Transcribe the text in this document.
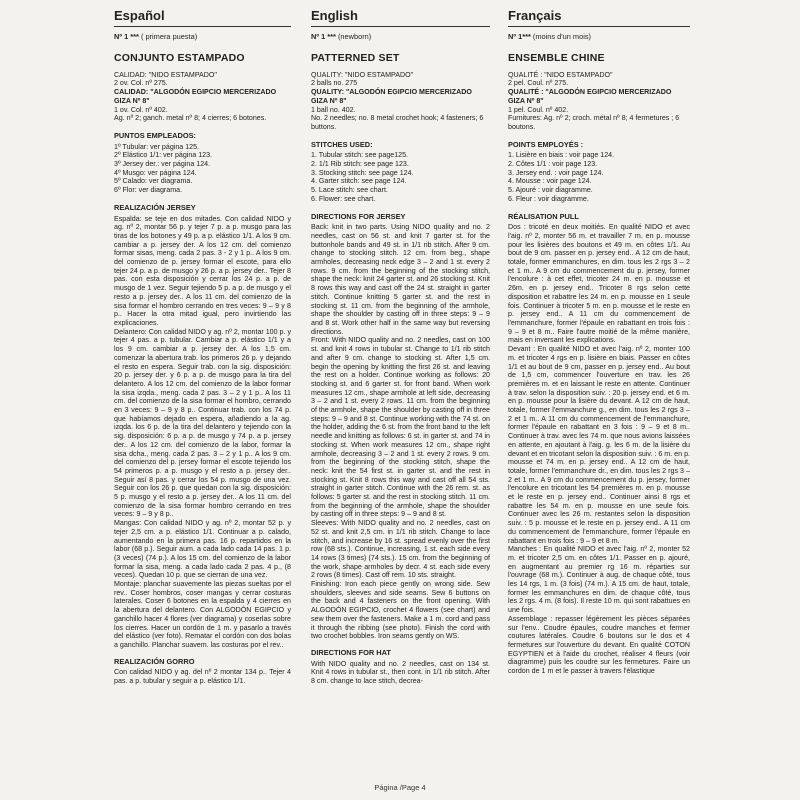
Español
Nº 1 *** ( primera puesta)
CONJUNTO ESTAMPADO

CALIDAD: "NIDO ESTAMPADO"

2 ov. Col. nº 275.

CALIDAD: "ALGODÓN EGIPCIO MERCERIZADO GIZA Nº 8"

1 ov. Col. nº 402.

Ag. nº 2; ganch. metal nº 8; 4 cierres; 6 botones.

PUNTOS EMPLEADOS:

1º Tubular: ver página 125.

2º Elástico 1/1: ver página 123.

3º Jersey der.: ver página 124.

4º Musgo: ver página 124.

5º Calado: ver diagrama.

6º Flor: ver diagrama.

REALIZACIÓN JERSEY

Espalda: se teje en dos mitades. Con calidad NIDO y ag. nº 2, montar 56 p. y tejer 7 p. a p. musgo para las tiras de los botones y 49 p. a p. elástico 1/1. A los 9 cm. cambiar a p. jersey der. A los 12 cm. del comienzo formar sisas, meng. cada 2 pas. 3 - 2 y 1 p.. A los 9 cm. del comienzo de p. jersey formar el escote, para ello tejer 24 p. a p. de musgo y 26 p. a p. jersey der.. Tejer 8 pas. con esta disposición y cerrar los 24 p. a p. de musgo de 1 vez. Seguir tejiendo 5 p. a p. de musgo y el resto a p. jersey der.. A los 11 cm. del comienzo de la sisa formar el hombro cerrando en tres veces: 9 – 9 y 8 p.. Hacer la otra mitad igual, pero invirtiendo las explicaciones.

Delantero: Con calidad NIDO y ag. nº 2, montar 100 p. y tejer 4 pas. a p. tubular. Cambiar a p. elástico 1/1 y a los 9 cm. cambiar a p. jersey der. A los 1,5 cm. comenzar la abertura trab. los primeros 26 p. y dejando el resto en espera. Seguir trab. con la sig. disposición: 20 p. jersey der. y 6 p. a p. de musgo para la tira del delantero. A los 12 cm. del comienzo de la labor formar la sisa izqda., meng. cada 2 pas. 3 – 2 y 1 p.. A los 11 cm. del comienzo de la sisa formar el hombro, cerrando en 3 veces: 9 – 9 y 8 p.. Continuar trab. con los 74 p. que habíamos dejado en espera, añadiendo a la ag. izqda. los 6 p. de la tira del delantero y tejiendo con la sig. disposición: 6 p. a p. de musgo y 74 p. a p. jersey der.. A los 12 cm. del comienzo de la labor, formar la sisa dcha., meng. cada 2 pas. 3 – 2 y 1 p.. A los 9 cm. del comienzo del p. jersey formar el escote tejiendo los 54 primeros p. a p. musgo y el resto a p. jersey der.. Seguir así 8 pas. y cerrar los 54 p. musgo de una vez. Seguir con los 26 p. que quedan con la sig. disposición: 5 p. musgo y el resto a p. jersey der.. A los 11 cm. del comienzo de la sisa formar hombro cerrando en tres veces: 9 – 9 y 8 p..

Mangas: Con calidad NIDO y ag. nº 2, montar 52 p. y tejer 2,5 cm. a p. elástico 1/1. Continuar a p. calado, aumentando en la primera pas. 16 p. repartidos en la labor (68 p.). Seguir aum. a cada lado cada 14 pas. 1 p. (3 veces) (74 p.). A los 15 cm. del comienzo de la labor formar la sisa, meng. a cada lado cada 2 pas. 4 p., (8 veces). Quedan 10 p. que se cierran de una vez.

Montaje: planchar suavemente las piezas sueltas por el rev.. Coser hombros, coser mangas y cerrar costuras laterales. Coser 6 botones en la espalda y 4 cierres en la abertura del delantero. Con ALGODÓN EGIPCIO y ganchillo hacer 4 flores (ver diagrama) y coserlas sobre los cierres. Hacer un cordón de 1 m. y pasarlo a través del elástico (ver foto). Rematar el cordón con dos bolas a ganchillo. Planchar suavem. las costuras por el rev..

REALIZACIÓN GORRO

Con calidad NIDO y ag. del nº 2 montar 134 p.. Tejer 4 pas. a p. tubular y seguir a p. elástico 1/1.

English
Nº 1 *** (newborn)
PATTERNED SET

QUALITY: "NIDO ESTAMPADO"

2 balls no. 275

QUALITY: "ALGODÓN EGIPCIO MERCERIZADO GIZA Nº 8"

1 ball no. 402.

No. 2 needles; no. 8 metal crochet hook; 4 fasteners; 6 buttons.

STITCHES USED:

1. Tubular stitch: see page125.

2. 1/1 Rib stitch: see page 123.

3. Stocking stitch: see page 124.

4. Garter stitch: see page 124.

5. Lace stitch: see chart.

6. Flower: see chart.

DIRECTIONS FOR JERSEY

Back: knit in two parts. Using NIDO quality and no. 2 needles, cast on 56 st. and knit 7 garter st. for the buttonhole bands and 49 st. in 1/1 rib stitch. After 9 cm. change to stocking stitch. 12 cm. from beg., shape armholes, decreasing neck edge 3 – 2 and 1 st. every 2 rows. 9 cm. from the beginning of the stocking stitch, shape the neck: knit 24 garter st. and 26 stocking st. Knit 8 rows this way and cast off the 24 st. straight in garter stitch. Continue knitting 5 garter st. and the rest in stocking st. 11 cm. from the beginning of the armhole, shape the shoulder by casting off in three steps: 9 – 9 and 8 st. Work other half in the same way but reversing directions.

Front: With NIDO quality and no. 2 needles, cast on 100 st. and knit 4 rows in tubular st. Change to 1/1 rib stitch and after 9 cm. change to stocking st. After 1,5 cm. begin the opening by knitting the first 26 st. and leaving the rest on a holder. Continue working as follows: 20 stocking st. and 6 garter st. for front band. When work measures 12 cm., shape armhole at left side, decreasing 3 – 2 and 1 st. every 2 rows. 11 cm. from the beginning of the armhole, shape the shoulder by casting off in three steps: 9 – 9 and 8 st. Continue working with the 74 st. on the holder, adding the 6 st. from the front band to the left needle and knitting as follows: 6 st. in garter st. and 74 in stocking st. When work measures 12 cm., shape right armhole, decreasing 3 – 2 and 1 st. every 2 rows. 9 cm. from the beginning of the stocking stitch, shape the neck: knit the 54 first st. in garter st. and the rest in stocking st. Knit 8 rows this way and cast off all 54 sts. straight in garter stitch. Continue with the 26 rem. st. as follows: 5 garter st. and the rest in stocking stitch. 11 cm. from the beginning of the armhole, shape the shoulder by casting off in three steps: 9 – 9 and 8 st.

Sleeves: With NIDO quality and no. 2 needles, cast on 52 st. and knit 2,5 cm. in 1/1 rib stitch. Change to lace stitch, and increase by 16 st. spread evenly over the first row (68 sts.). Continue, increasing, 1 st. each side every 14 rows (3 times) (74 sts.). 15 cm. from the beginning of the work, shape armholes by decr. 4 st. each side every 2 rows (8 times). Cast off rem. 10 sts. straight.

Finishing: Iron each piece gently on wrong side. Sew shoulders, sleeves and side seams. Sew 6 buttons on the back and 4 fasteners on the front opening. With ALGODÓN EGIPCIO, crochet 4 flowers (see chart) and sew them over the fasteners. Make a 1 m. cord and pass it through the ribbing (see photo). Finish the cord with two crochet bobbles. Iron seams gently on WS.

DIRECTIONS FOR HAT

With NIDO quality and no. 2 needles, cast on 134 st. Knit 4 rows in tubular st., then cont. in 1/1 rib stitch. After 8 cm. change to lace stitch, decrea-

Français
Nº 1*** (moins d'un mois)
ENSEMBLE CHINE

QUALITÉ : "NIDO ESTAMPADO"

2 pel. Coul. nº 275.

QUALITÉ : "ALGODÓN EGIPCIO MERCERIZADO GIZA Nº 8"

1 pel. Coul. nº 402.

Furnitures: Ag. nº 2; croch. métal nº 8; 4 fermetures ; 6 boutons.

POINTS EMPLOYÉS :

1. Lisière en biais : voir page 124.

2. Côtes 1/1 : voir page 123.

3. Jersey end. : voir page 124.

4. Mousse : voir page 124.

5. Ajouré : voir diagramme.

6. Fleur : voir diagramme.

RÉALISATION PULL

Dos : tricoté en deux moitiés. En qualité NIDO et avec l'aig. nº 2, monter 56 m. et travailler 7 m. en p. mousse pour les lisières des boutons et 49 m. en côtes 1/1. Au bout de 9 cm. passer en p. jersey end.. A 12 cm de haut, totale, former emmanchures, en dim. tous les 2 rgs 3 – 2 et 1 m.. A 9 cm du commencement du p. jersey, former l'encolure : à cet effet, tricoter 24 m. en p. mousse et 26m. en p. jersey end.. Tricoter 8 rgs selon cette disposition et rabattre les 24 m. en p. mousse en 1 seule fois. Continuer à tricoter 5 m. en p. mousse et le reste en p. jersey end.. A 11 cm du commencement de l'emmanchure, former l'épaule en rabattant en trois fois : 9 – 9 et 8 m.. Faire l'autre moitié de la même manière, mais en inversant les explications.

Devant : En qualité NIDO et avec l'aig. nº 2, monter 100 m. et tricoter 4 rgs en p. lisière en biais. Passer en côtes 1/1 et au bout de 9 cm, passer en p. jersey end.. Au bout de 1,5 cm, commencer l'ouverture en trav. les 26 premières m. et en laissant le reste en attente. Continuer à trav. selon la disposition suiv. : 20 p. jersey end. et 6 m. en p. mousse pour la lisière du devant. A 12 cm de haut, totale, former l'emmanchure g., en dim. tous les 2 rgs 3 – 2 et 1 m.. A 11 cm du commencement de l'emmanchure, former l'épaule en rabattant en 3 fois : 9 – 9 et 8 m.. Continuer à trav. avec les 74 m. que nous avions laissées en attente, en ajoutant à l'aig. g. les 6 m. de la lisière du devant et en tricotant selon la disposition suiv. : 6 m. en p. mousse et 74 m. en p. jersey end.. A 12 cm de haut, totale, former l'emmanchure dr., en dim. tous les 2 rgs 3 – 2 et 1 m.. A 9 cm du commencement du p. jersey, former l'encolure en tricotant les 54 premières m. en p. mousse et le reste en p. jersey end.. Continuer ainsi 8 rgs et rabattre les 54 m. en p. mousse en une seule fois. Continuer avec les 26 m. restantes selon la disposition suiv. : 5 p. mousse et le reste en p. jersey end.. A 11 cm du commencement de l'emmanchure, former l'épaule en rabattant en trois fois : 9 – 9 et 8 m.

Manches : En qualité NIDO et avec l'aig. nº 2, monter 52 m. et tricoter 2,5 cm. en côtes 1/1. Passer en p. ajouré, en augmentant au premier rg 16 m. réparties sur l'ouvrage (68 m.). Continuer à aug. de chaque côté, tous les 14 rgs, 1 m. (3 fois) (74 m.). A 15 cm. de haut, totale, former les emmanchures en dim. de chaque côté, tous les 2 rgs. 4 m. (8 fois). Il reste 10 m. qui sont rabattues en une fois.

Assemblage : repasser légèrement les pièces séparées sur l'env.. Coudre épaules, coudre manches et fermer coutures latérales. Coudre 6 boutons sur le dos et 4 fermetures sur l'ouverture du devant. En qualité COTON EGYPTIEN et à l'aide du crochet, réaliser 4 fleurs (voir diagramme) puis les coudre sur les fermetures. Faire un cordon de 1 m et le passer à travers l'élastique

Página /Page 4
